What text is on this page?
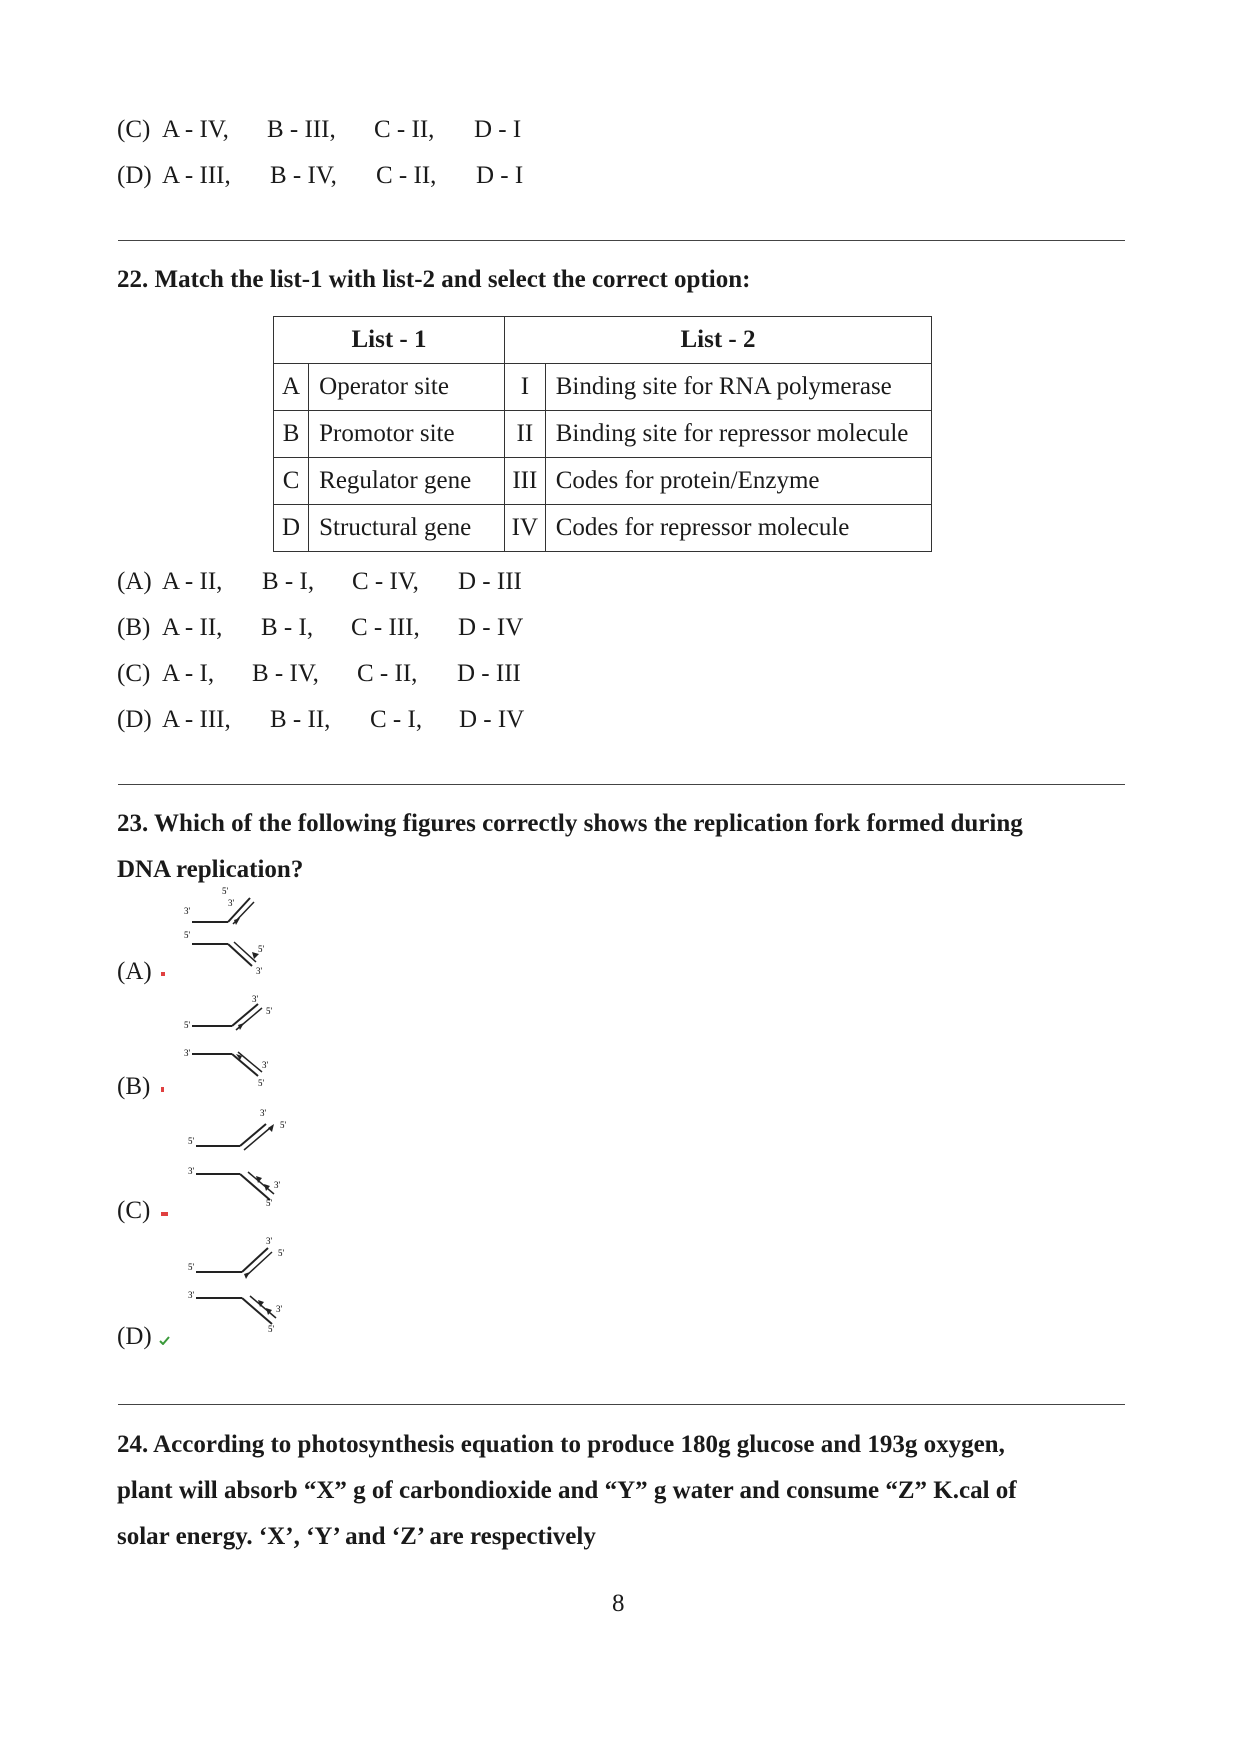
(C) A - IV, B - III, C - II, D - I
(D) A - III, B - IV, C - II, D - I
22. Match the list-1 with list-2 and select the correct option:
List - 1		List - 2	
A	Operator site	I	Binding site for RNA polymerase
B	Promotor site	II	Binding site for repressor molecule
C	Regulator gene	III	Codes for protein/Enzyme
D	Structural gene	IV	Codes for repressor molecule
(A) A - II, B - I, C - IV, D - III
(B) A - II, B - I, C - III, D - IV
(C) A - I, B - IV, C - II, D - III
(D) A - III, B - II, C - I, D - IV
23. Which of the following figures correctly shows the replication fork formed during
DNA replication?
3'
5'
3'
5'
5'
3'
(A)
3'
5'
5'
3'
3'
5'
(B)
3'
5'
5'
3'
3'
5'
(C)
3'
5'
5'
3'
3'
5'
(D)
24. According to photosynthesis equation to produce 180g glucose and 193g oxygen,
plant will absorb “X” g of carbondioxide and “Y” g water and consume “Z” K.cal of
solar energy. ‘X’, ‘Y’ and ‘Z’ are respectively
8
